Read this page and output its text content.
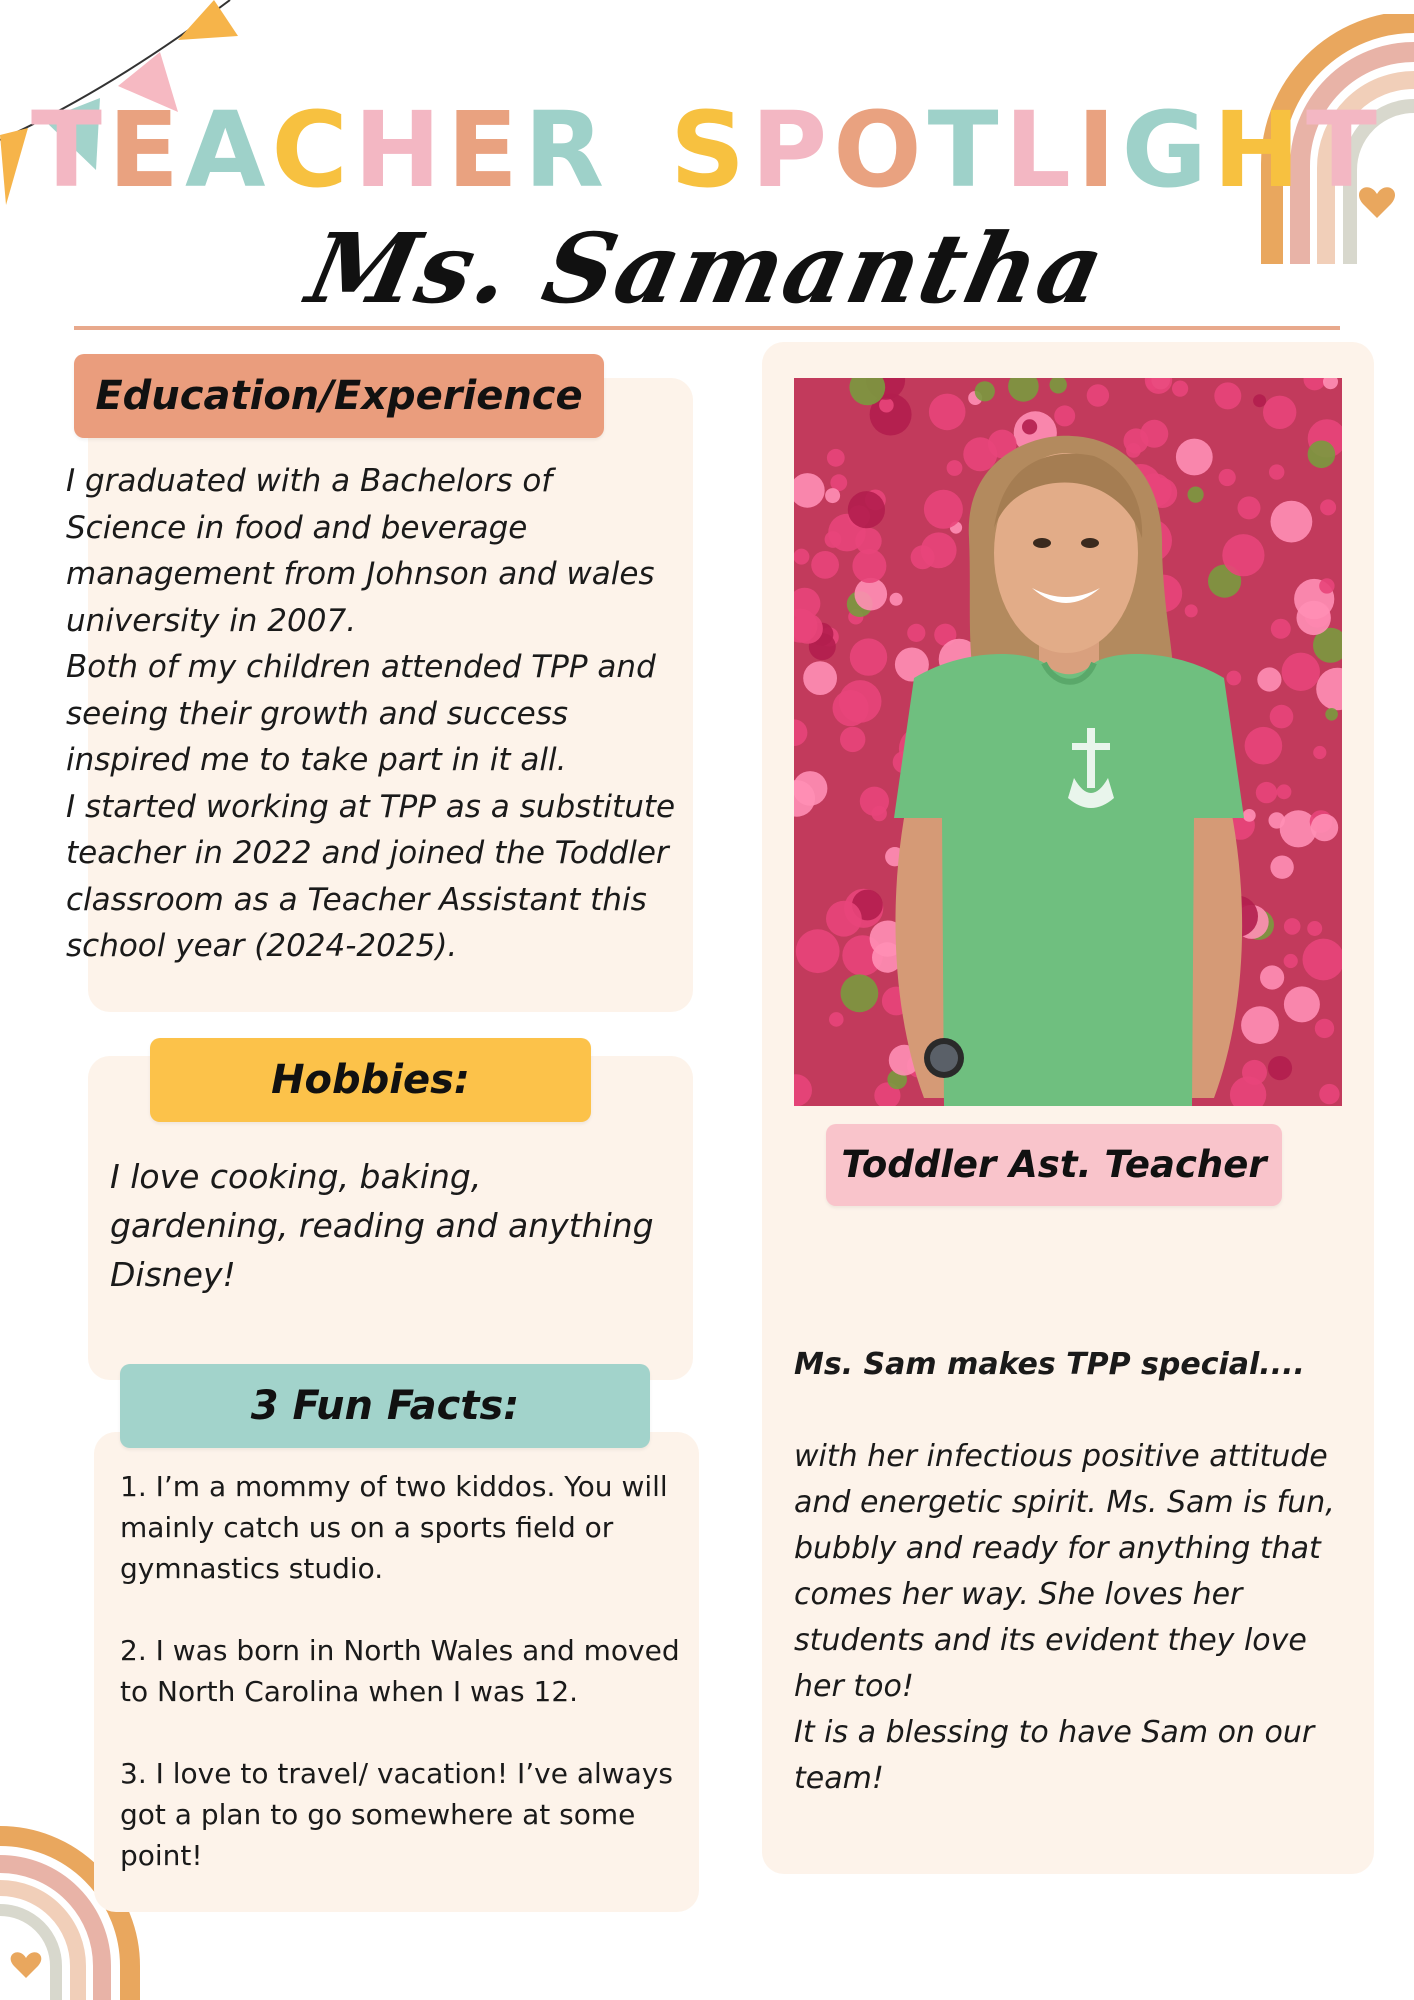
TEACHER SPOTLIGHT
Ms. Samantha
Education/Experience
I graduated with a Bachelors of
Science in food and beverage
management from Johnson and wales
university in 2007.
Both of my children attended TPP and
seeing their growth and success
inspired me to take part in it all.
I started working at TPP as a substitute
teacher in 2022 and joined the Toddler
classroom as a Teacher Assistant this
school year (2024-2025).
Hobbies:
I love cooking, baking,
gardening, reading and anything
Disney!
3 Fun Facts:

1. I’m a mommy of two kiddos. You will mainly catch us on a sports field or gymnastics studio.

2. I was born in North Wales and moved to North Carolina when I was 12.

3. I love to travel/ vacation! I’ve always got a plan to go somewhere at some point!

Toddler Ast. Teacher

Ms. Sam makes TPP special....

with her infectious positive attitude
and energetic spirit. Ms. Sam is fun,
bubbly and ready for anything that
comes her way. She loves her
students and its evident they love
her too!
It is a blessing to have Sam on our
team!
